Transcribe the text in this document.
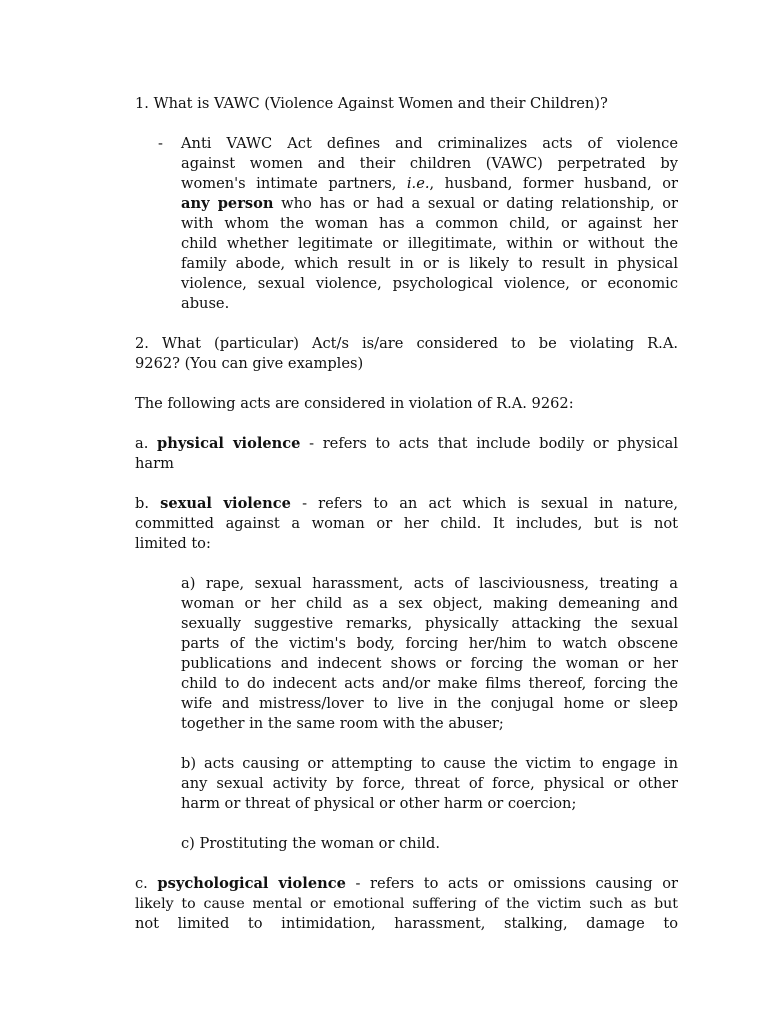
1. What is VAWC (Violence Against Women and their Children)?
- Anti VAWC Act defines and criminalizes acts of violence
against women and their children (VAWC) perpetrated by
women's intimate partners, i.e., husband, former husband, or
any person who has or had a sexual or dating relationship, or
with whom the woman has a common child, or against her
child whether legitimate or illegitimate, within or without the
family abode, which result in or is likely to result in physical
violence, sexual violence, psychological violence, or economic
abuse.
2. What (particular) Act/s is/are considered to be violating R.A.
9262? (You can give examples)
The following acts are considered in violation of R.A. 9262:
a. physical violence - refers to acts that include bodily or physical
harm
b. sexual violence - refers to an act which is sexual in nature,
committed against a woman or her child. It includes, but is not
limited to:
a) rape, sexual harassment, acts of lasciviousness, treating a
woman or her child as a sex object, making demeaning and
sexually suggestive remarks, physically attacking the sexual
parts of the victim's body, forcing her/him to watch obscene
publications and indecent shows or forcing the woman or her
child to do indecent acts and/or make films thereof, forcing the
wife and mistress/lover to live in the conjugal home or sleep
together in the same room with the abuser;
b) acts causing or attempting to cause the victim to engage in
any sexual activity by force, threat of force, physical or other
harm or threat of physical or other harm or coercion;
c) Prostituting the woman or child.
c. psychological violence - refers to acts or omissions causing or
likely to cause mental or emotional suffering of the victim such as but
not limited to intimidation, harassment, stalking, damage to
